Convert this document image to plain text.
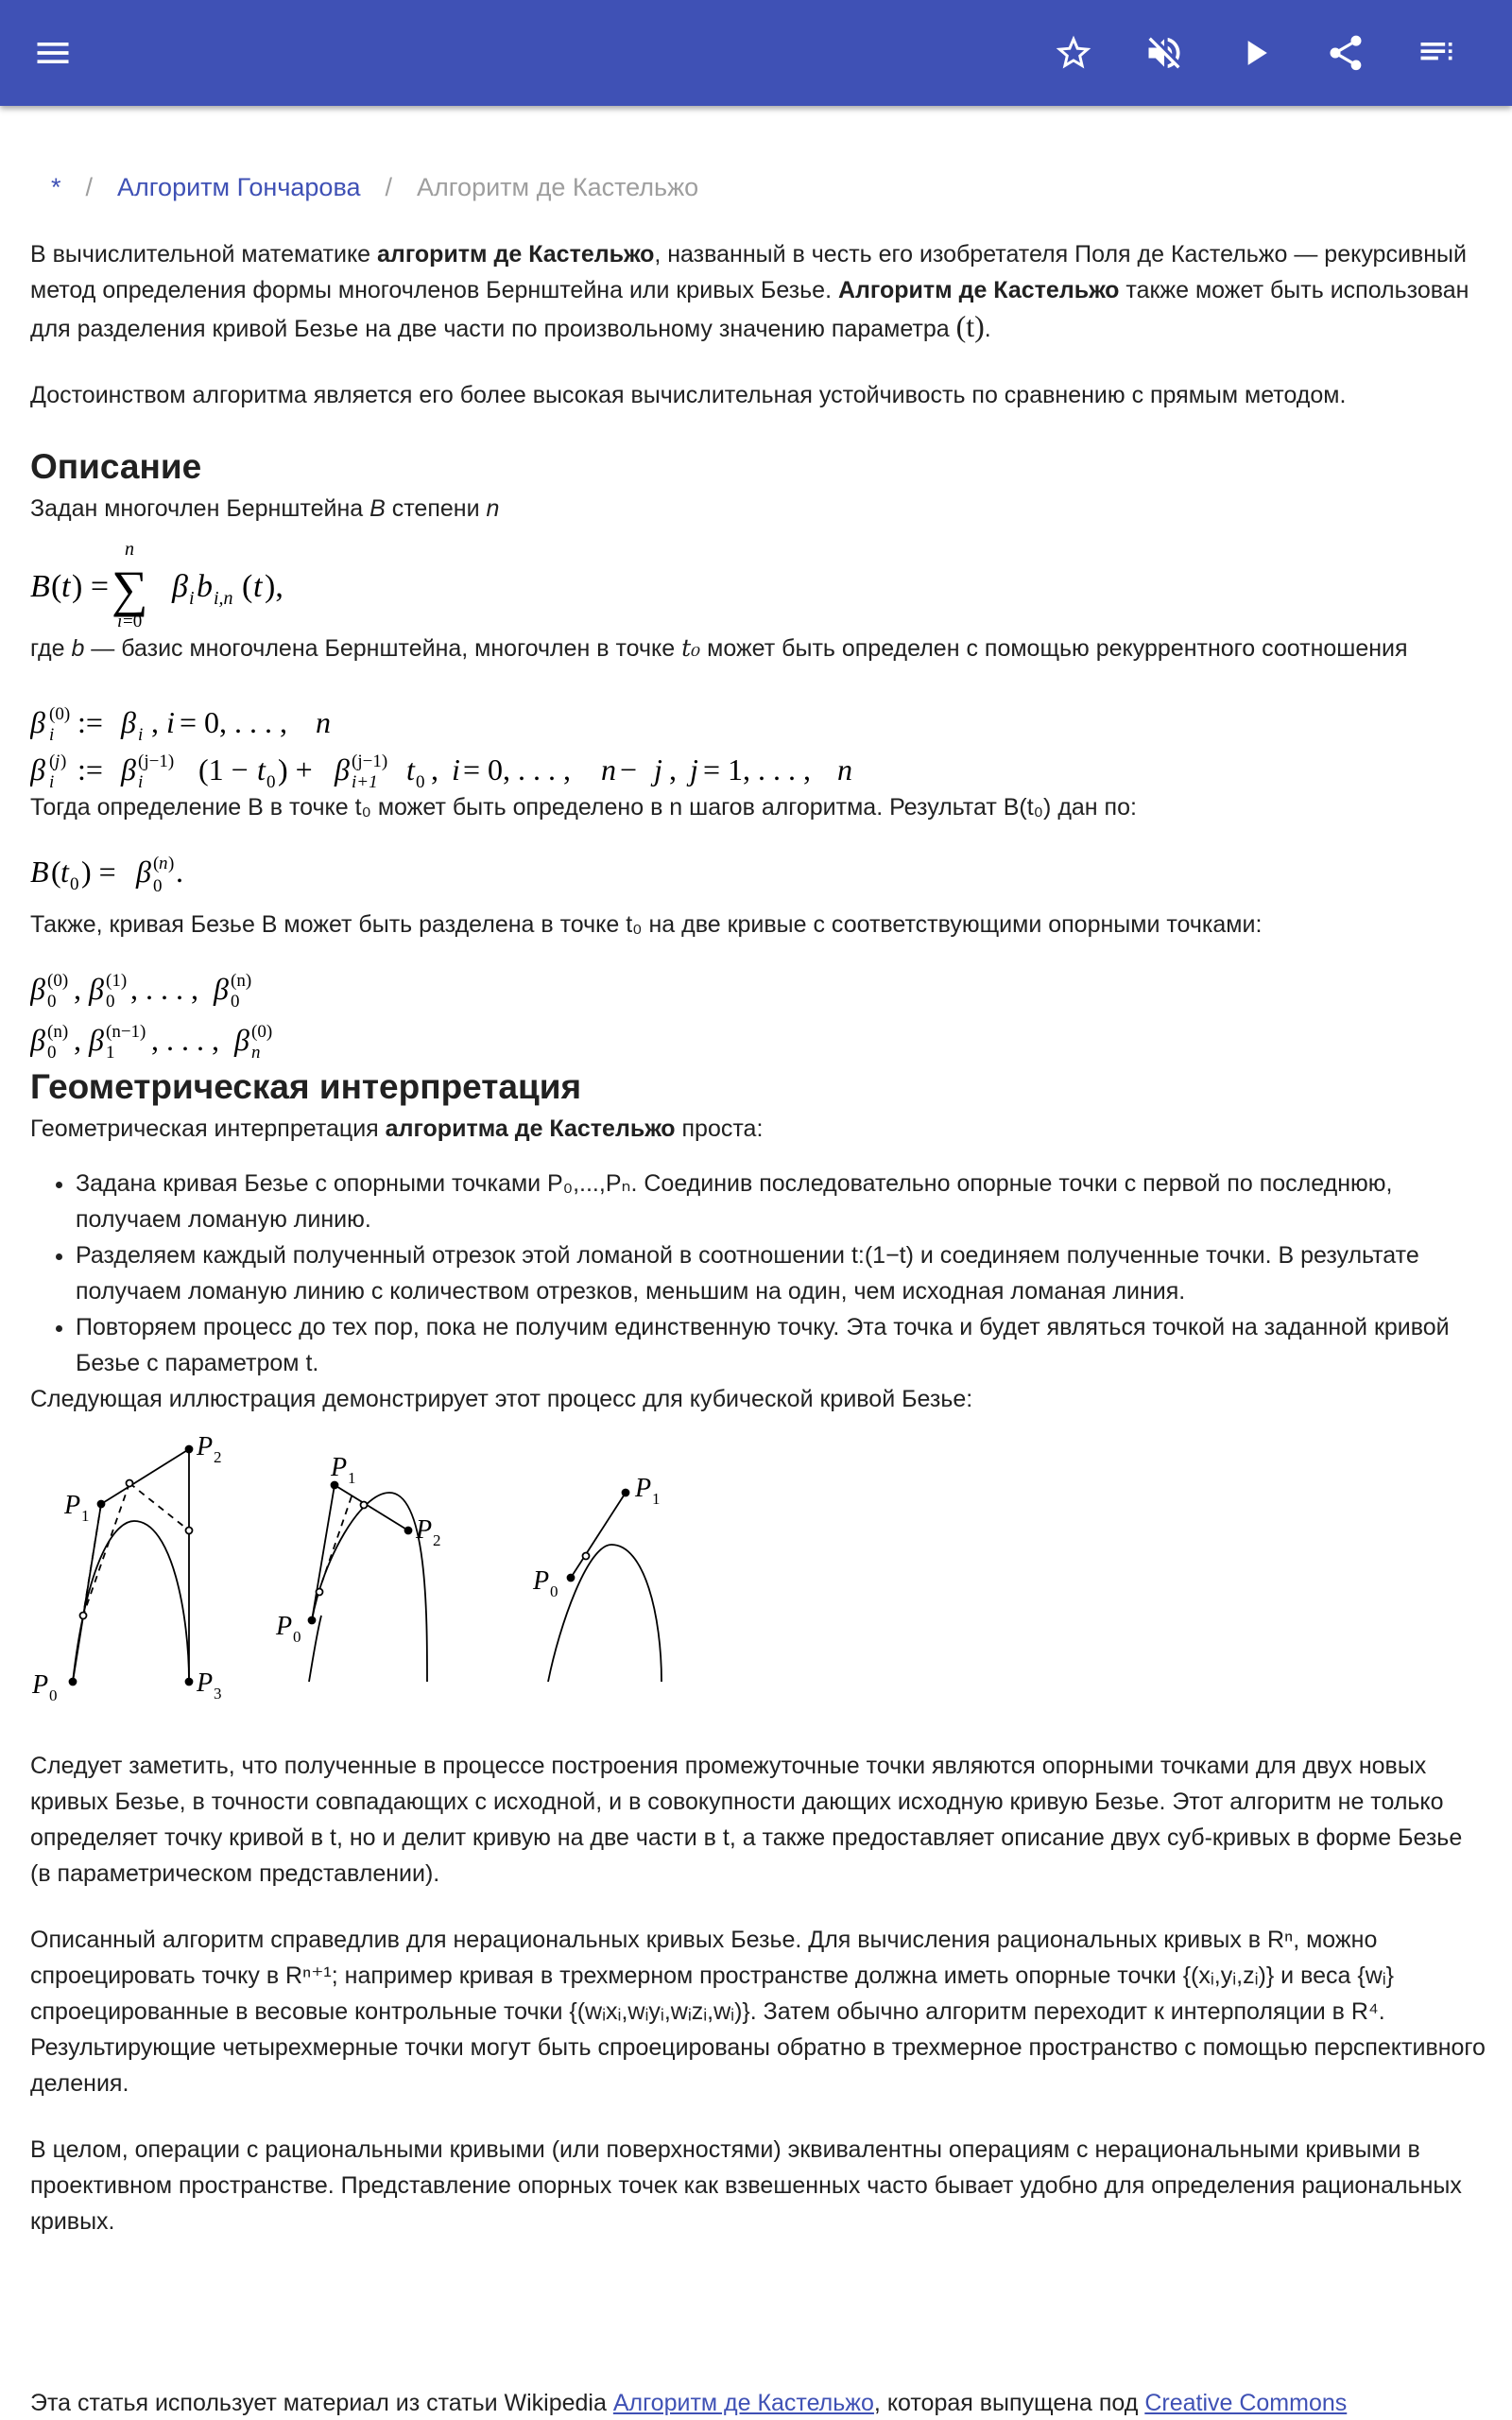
* / Алгоритм Гончарова / Алгоритм де Кастельжо

В вычислительной математике алгоритм де Кастельжо, названный в честь его изобретателя Поля де Кастельжо — рекурсивный метод определения формы многочленов Бернштейна или кривых Безье. Алгоритм де Кастельжо также может быть использован для разделения кривой Безье на две части по произвольному значению параметра (t).

Достоинством алгоритма является его более высокая вычислительная устойчивость по сравнению с прямым методом.

Описание

Задан многочлен Бернштейна B степени n

B ( t ) =
n
∑
i =0
β i b i,n ( t ),

где b — базис многочлена Бернштейна, многочлен в точке t₀ может быть определен с помощью рекуррентного соотношения

β (0)
i := β i , i = 0, . . . , n
β ( j )
i := β (j−1)
i (1 − t 0 ) + β (j−1)
i+1 t 0 , i = 0, . . . , n − j , j = 1, . . . , n

Тогда определение B в точке t₀ может быть определено в n шагов алгоритма. Результат B(t₀) дан по:

B ( t 0 ) = β ( n )
0 .

Также, кривая Безье B может быть разделена в точке t₀ на две кривые с соответствующими опорными точками:

β (0)
0 , β (1)
0 , . . . , β (n)
0
β (n)
0 , β (n−1)
1 , . . . , β (0)
n
Геометрическая интерпретация

Геометрическая интерпретация алгоритма де Кастельжо проста:

• Задана кривая Безье с опорными точками P₀,...,Pₙ. Соединив последовательно опорные точки с первой по последнюю, получаем ломаную линию.
• Разделяем каждый полученный отрезок этой ломаной в соотношении t:(1−t) и соединяем полученные точки. В результате получаем ломаную линию с количеством отрезков, меньшим на один, чем исходная ломаная линия.
• Повторяем процесс до тех пор, пока не получим единственную точку. Эта точка и будет являться точкой на заданной кривой Безье с параметром t.

Следующая иллюстрация демонстрирует этот процесс для кубической кривой Безье:

P 0
P 1
P 2
P 3
P 0
P 1
P 2
P 0
P 1

Следует заметить, что полученные в процессе построения промежуточные точки являются опорными точками для двух новых кривых Безье, в точности совпадающих с исходной, и в совокупности дающих исходную кривую Безье. Этот алгоритм не только определяет точку кривой в t, но и делит кривую на две части в t, а также предоставляет описание двух суб-кривых в форме Безье (в параметрическом представлении).

Описанный алгоритм справедлив для нерациональных кривых Безье. Для вычисления рациональных кривых в Rⁿ, можно спроецировать точку в Rⁿ⁺¹; например кривая в трехмерном пространстве должна иметь опорные точки {(xᵢ,yᵢ,zᵢ)} и веса {wᵢ} спроецированные в весовые контрольные точки {(wᵢxᵢ,wᵢyᵢ,wᵢzᵢ,wᵢ)}. Затем обычно алгоритм переходит к интерполяции в R⁴. Результирующие четырехмерные точки могут быть спроецированы обратно в трехмерное пространство с помощью перспективного деления.

В целом, операции с рациональными кривыми (или поверхностями) эквивалентны операциям с нерациональными кривыми в проективном пространстве. Представление опорных точек как взвешенных часто бывает удобно для определения рациональных кривых.

Эта статья использует материал из статьи Wikipedia Алгоритм де Кастельжо, которая выпущена под Creative Commons
